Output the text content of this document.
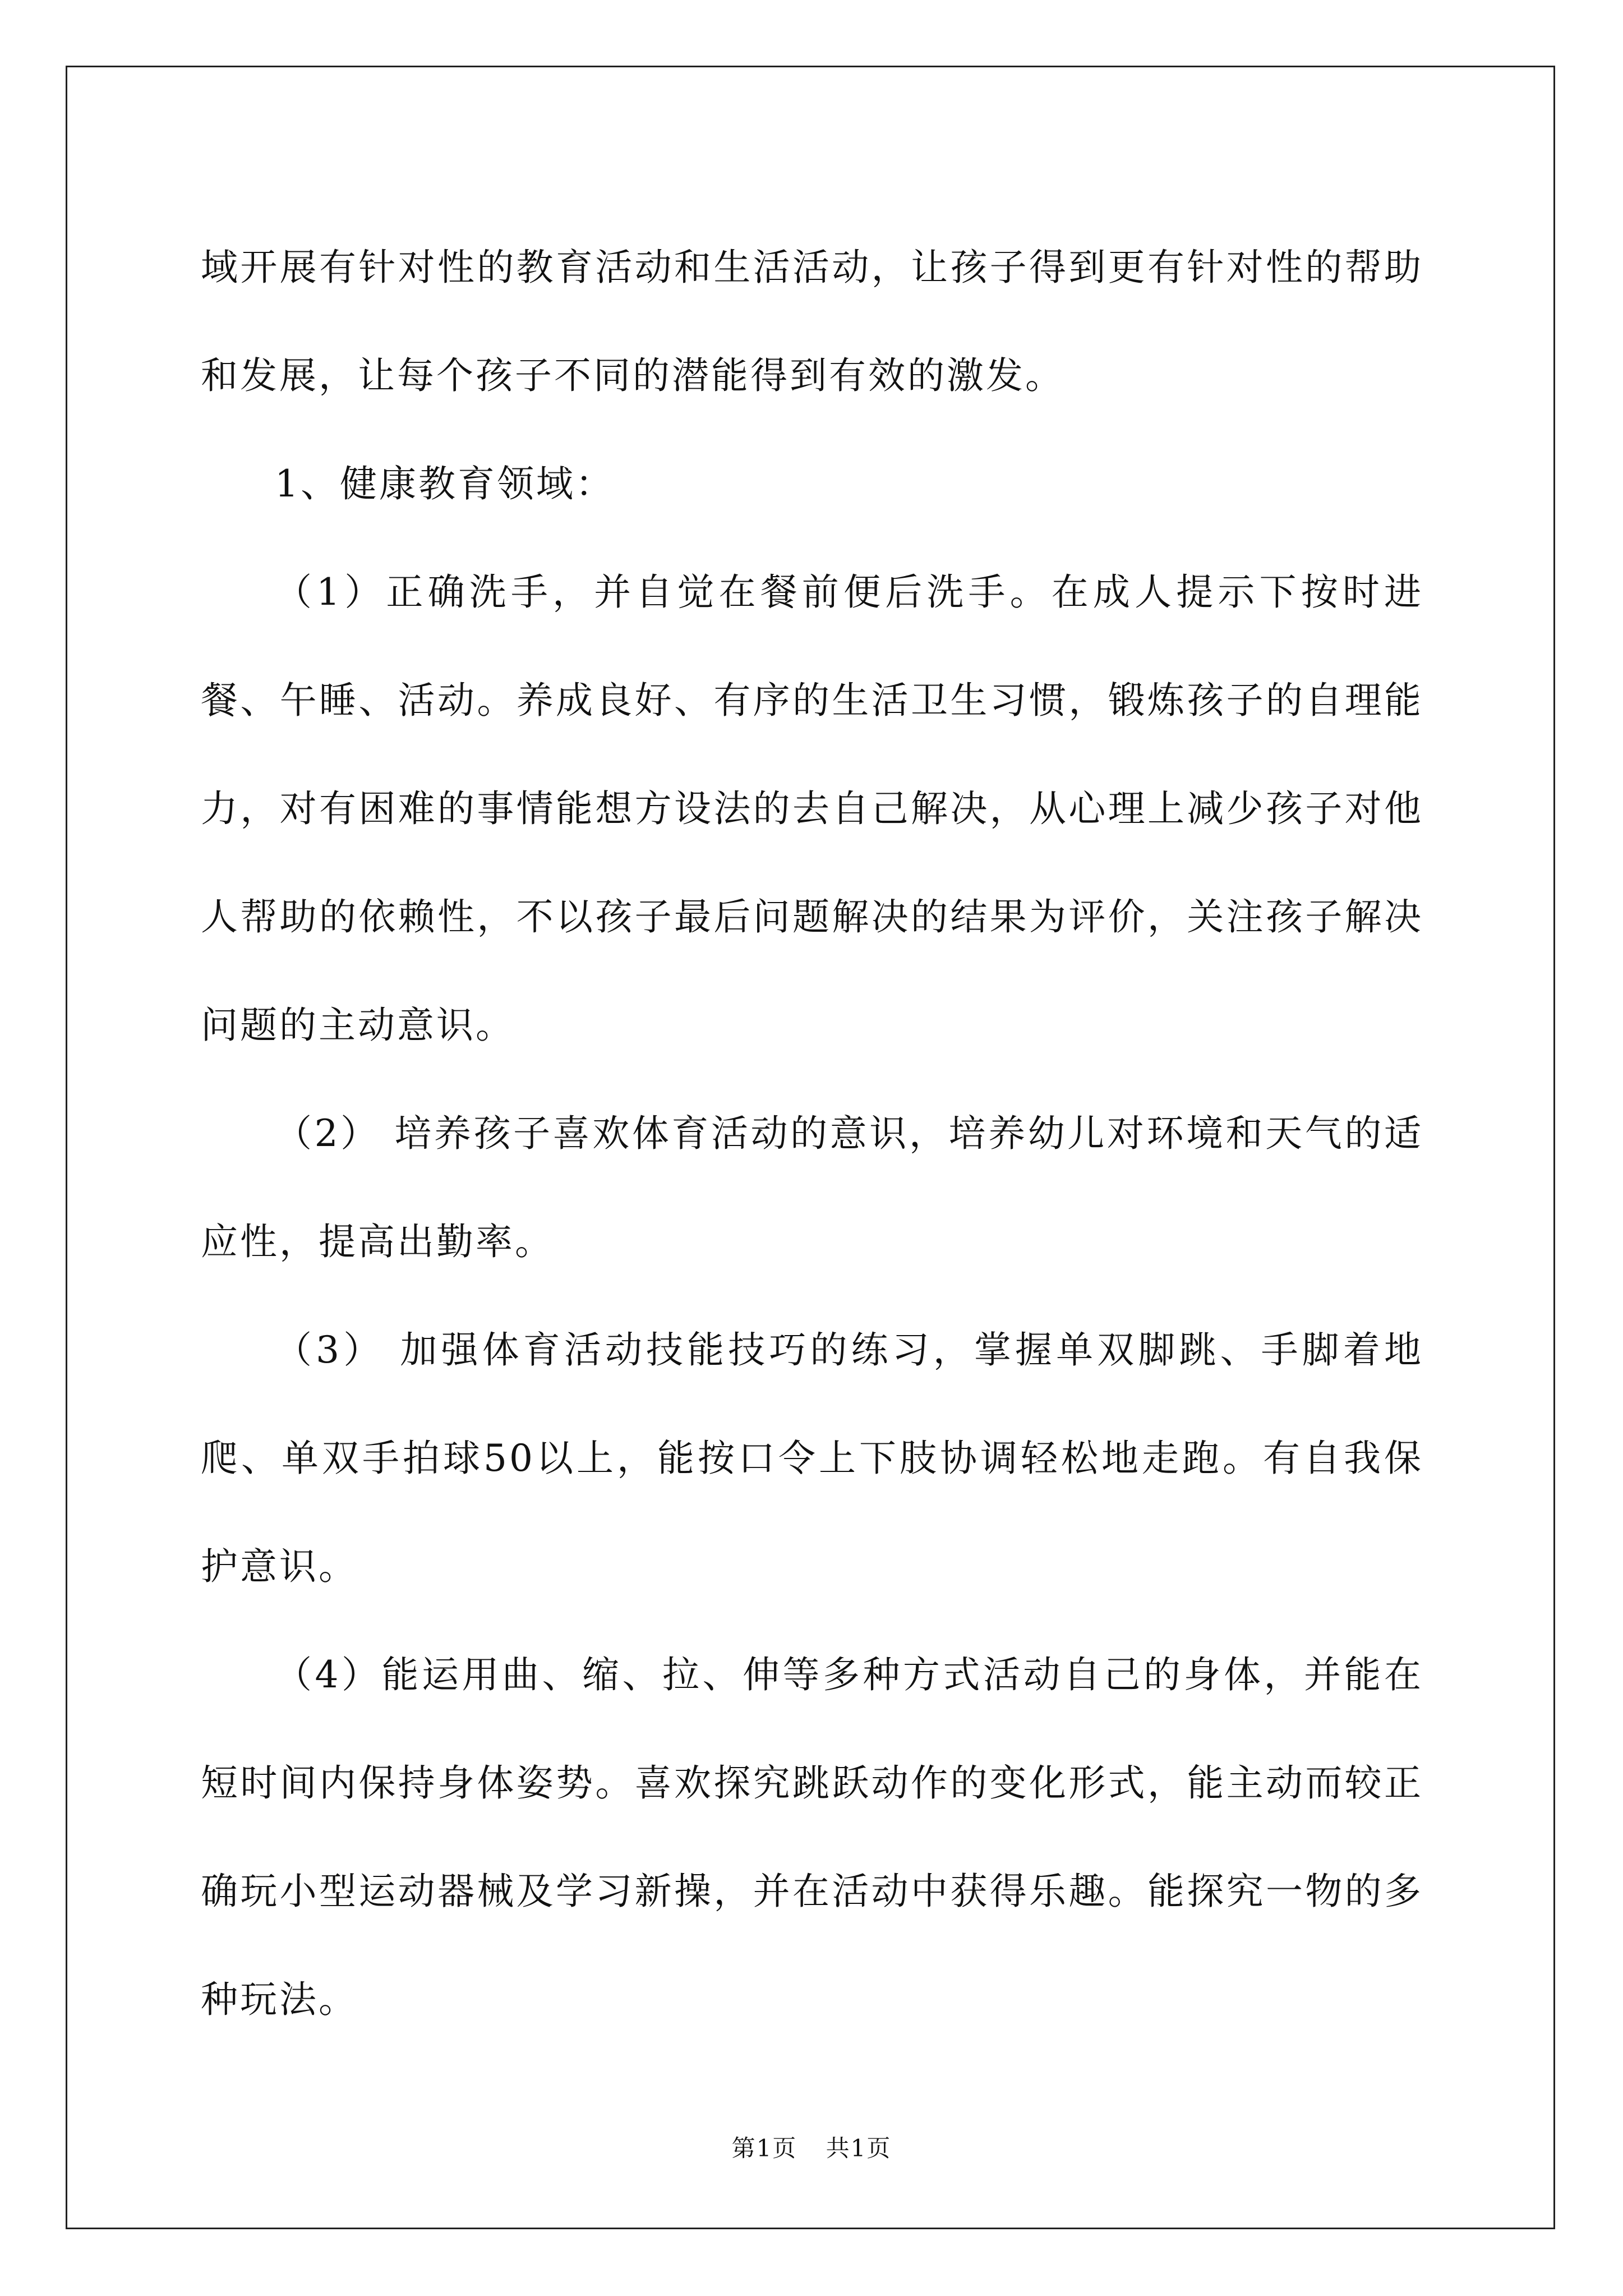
域开展有针对性的教育活动和生活活动，让孩子得到更有针对性的帮助和发展，让每个孩子不同的潜能得到有效的激发。

1、健康教育领域：

（1）正确洗手，并自觉在餐前便后洗手。在成人提示下按时进餐、午睡、活动。养成良好、有序的生活卫生习惯，锻炼孩子的自理能力，对有困难的事情能想方设法的去自己解决，从心理上减少孩子对他人帮助的依赖性，不以孩子最后问题解决的结果为评价，关注孩子解决问题的主动意识。

（2） 培养孩子喜欢体育活动的意识，培养幼儿对环境和天气的适应性，提高出勤率。

（3） 加强体育活动技能技巧的练习，掌握单双脚跳、手脚着地爬、单双手拍球50以上，能按口令上下肢协调轻松地走跑。有自我保护意识。

（4）能运用曲、缩、拉、伸等多种方式活动自己的身体，并能在短时间内保持身体姿势。喜欢探究跳跃动作的变化形式，能主动而较正确玩小型运动器械及学习新操，并在活动中获得乐趣。能探究一物的多种玩法。

第1页 共1页
